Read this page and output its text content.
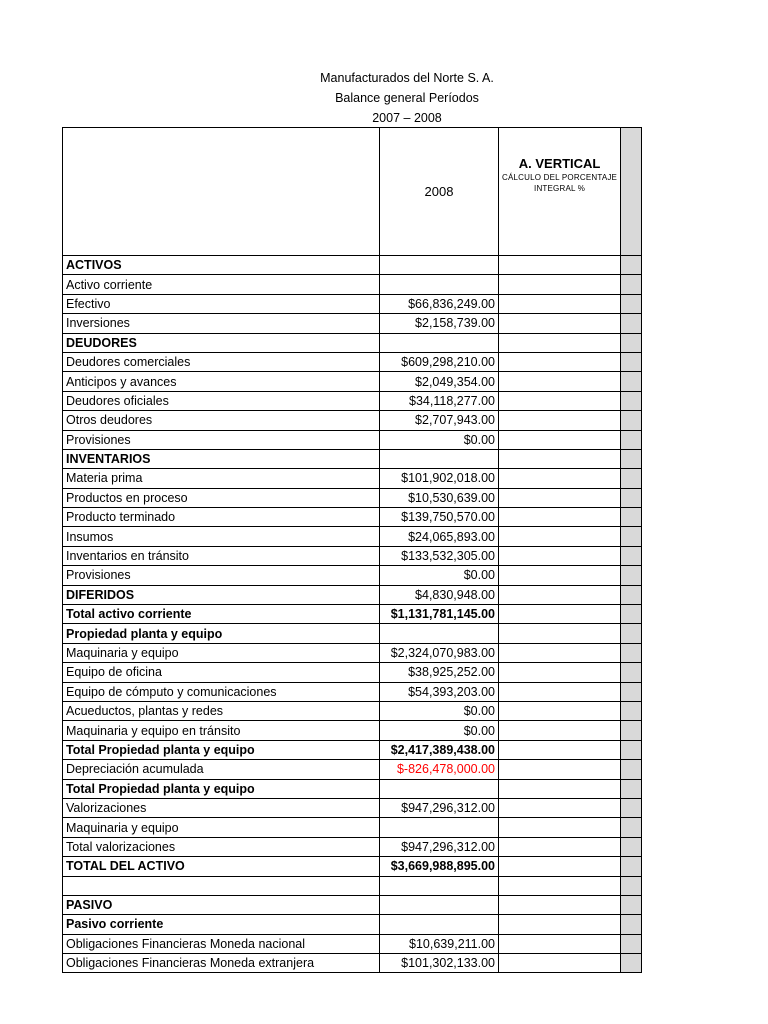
Manufacturados del Norte S. A.
Balance general Períodos
2007 – 2008
	2008	A. VERTICAL
CÁLCULO DEL PORCENTAJE
INTEGRAL %	

ACTIVOS			
Activo corriente			
Efectivo	$66,836,249.00		
Inversiones	$2,158,739.00		
DEUDORES			
Deudores comerciales	$609,298,210.00		
Anticipos y avances	$2,049,354.00		
Deudores oficiales	$34,118,277.00		
Otros deudores	$2,707,943.00		
Provisiones	$0.00		
INVENTARIOS			
Materia prima	$101,902,018.00		
Productos en proceso	$10,530,639.00		
Producto terminado	$139,750,570.00		
Insumos	$24,065,893.00		
Inventarios en tránsito	$133,532,305.00		
Provisiones	$0.00		
DIFERIDOS	$4,830,948.00		
Total activo corriente	$1,131,781,145.00		
Propiedad planta y equipo			
Maquinaria y equipo	$2,324,070,983.00		
Equipo de oficina	$38,925,252.00		
Equipo de cómputo y comunicaciones	$54,393,203.00		
Acueductos, plantas y redes	$0.00		
Maquinaria y equipo en tránsito	$0.00		
Total Propiedad planta y equipo	$2,417,389,438.00		
Depreciación acumulada	$-826,478,000.00		
Total Propiedad planta y equipo			
Valorizaciones	$947,296,312.00		
Maquinaria y equipo			
Total valorizaciones	$947,296,312.00		
TOTAL DEL ACTIVO	$3,669,988,895.00		

PASIVO			
Pasivo corriente			
Obligaciones Financieras Moneda nacional	$10,639,211.00		
Obligaciones Financieras Moneda extranjera	$101,302,133.00		
